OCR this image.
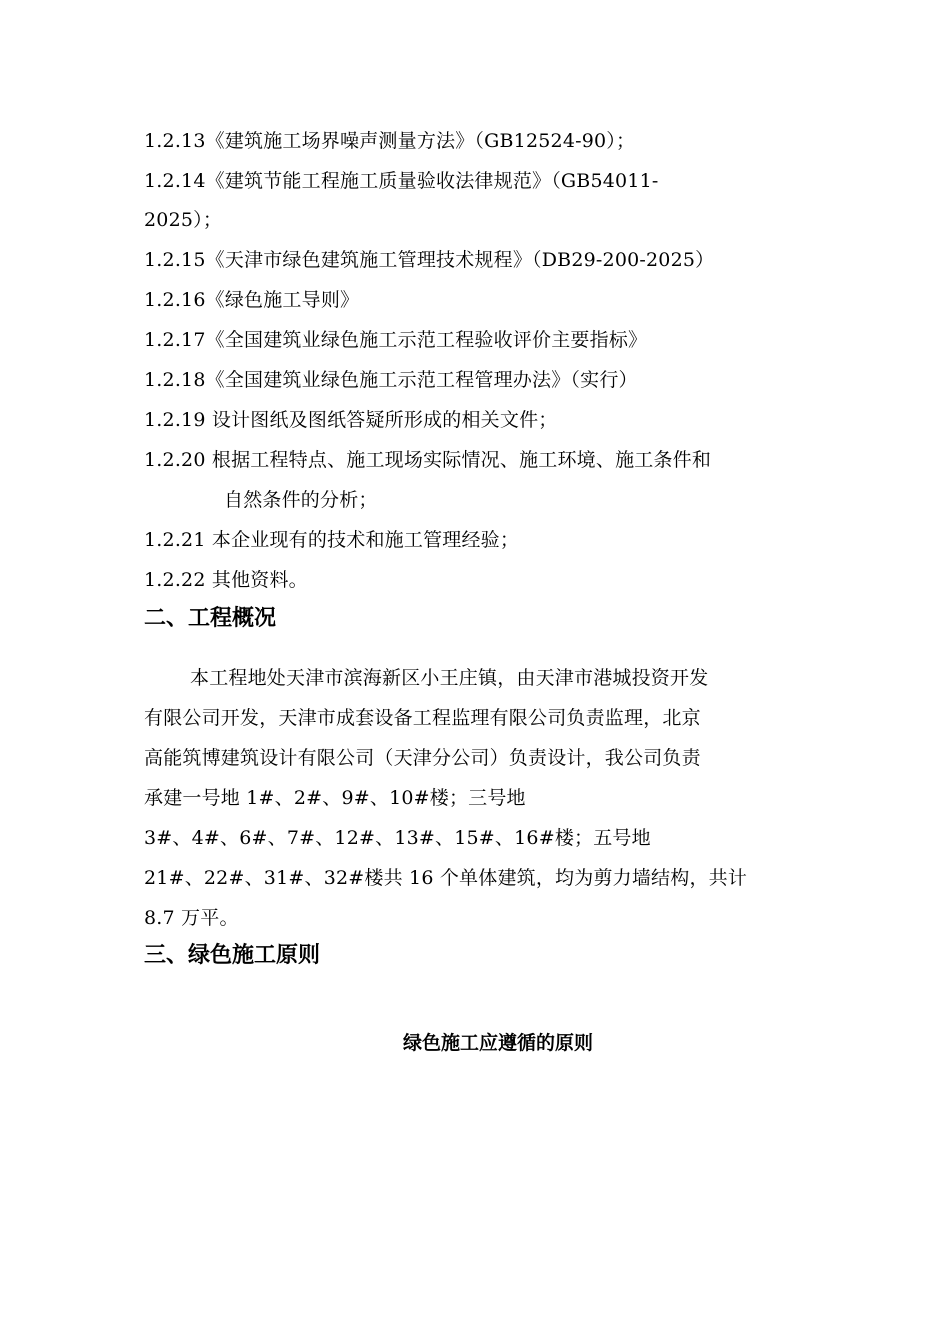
1.2.13《建筑施工场界噪声测量方法》（GB12524-90）；
1.2.14《建筑节能工程施工质量验收法律规范》（GB54011-
2025）；
1.2.15《天津市绿色建筑施工管理技术规程》（DB29-200-2025）
1.2.16《绿色施工导则》
1.2.17《全国建筑业绿色施工示范工程验收评价主要指标》
1.2.18《全国建筑业绿色施工示范工程管理办法》（实行）
1.2.19 设计图纸及图纸答疑所形成的相关文件；
1.2.20 根据工程特点、施工现场实际情况、施工环境、施工条件和
自然条件的分析；
1.2.21 本企业现有的技术和施工管理经验；
1.2.22 其他资料。
二、工程概况
本工程地处天津市滨海新区小王庄镇，由天津市港城投资开发
有限公司开发，天津市成套设备工程监理有限公司负责监理，北京
高能筑博建筑设计有限公司（天津分公司）负责设计，我公司负责
承建一号地 1#、2#、9#、10#楼；三号地
3#、4#、6#、7#、12#、13#、15#、16#楼；五号地
21#、22#、31#、32#楼共 16 个单体建筑，均为剪力墙结构，共计
8.7 万平。
三、绿色施工原则
绿色施工应遵循的原则
